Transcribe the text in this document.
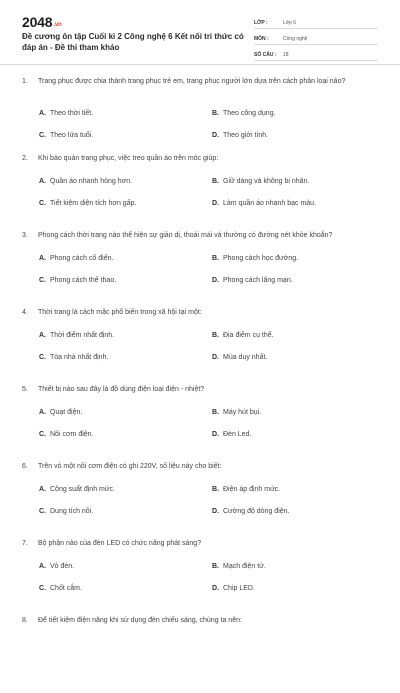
2048.vn
Đề cương ôn tập Cuối kì 2 Công nghệ 6 Kết nối tri thức có đáp án - Đề thi tham khảo
LỚP :	Lớp 6
MÔN :	Công nghệ
SỐ CÂU :	18
1.	Trang phục được chia thành trang phục trẻ em, trang phục người lớn dựa trên cách phân loại nào?
A. Theo thời tiết.	B. Theo công dụng.
C. Theo lứa tuổi.	D. Theo giới tính.
2.	Khi bảo quản trang phục, việc treo quần áo trên móc giúp:
A. Quần áo nhanh hỏng hơn.	B. Giữ dáng và không bị nhăn.
C. Tiết kiệm diện tích hơn gấp.	D. Làm quần áo nhanh bạc màu.
3.	Phong cách thời trang nào thể hiện sự giản dị, thoải mái và thường có đường nét khỏe khoắn?
A. Phong cách cổ điển.	B. Phong cách học đường.
C. Phong cách thể thao.	D. Phong cách lãng mạn.
4.	Thời trang là cách mặc phổ biến trong xã hội tại một:
A. Thời điểm nhất định.	B. Địa điểm cụ thể.
C. Tòa nhà nhất định.	D. Mùa duy nhất.
5.	Thiết bị nào sau đây là đồ dùng điện loại điện - nhiệt?
A. Quạt điện.	B. Máy hút bụi.
C. Nồi cơm điện.	D. Đèn Led.
6.	Trên vỏ một nồi cơm điện có ghi 220V, số liệu này cho biết:
A. Công suất định mức.	B. Điện áp định mức.
C. Dung tích nồi.	D. Cường độ dòng điện.
7.	Bộ phận nào của đèn LED có chức năng phát sáng?
A. Vỏ đèn.	B. Mạch điện tử.
C. Chốt cắm.	D. Chip LED.
8.	Để tiết kiệm điện năng khi sử dụng đèn chiếu sáng, chúng ta nên:
